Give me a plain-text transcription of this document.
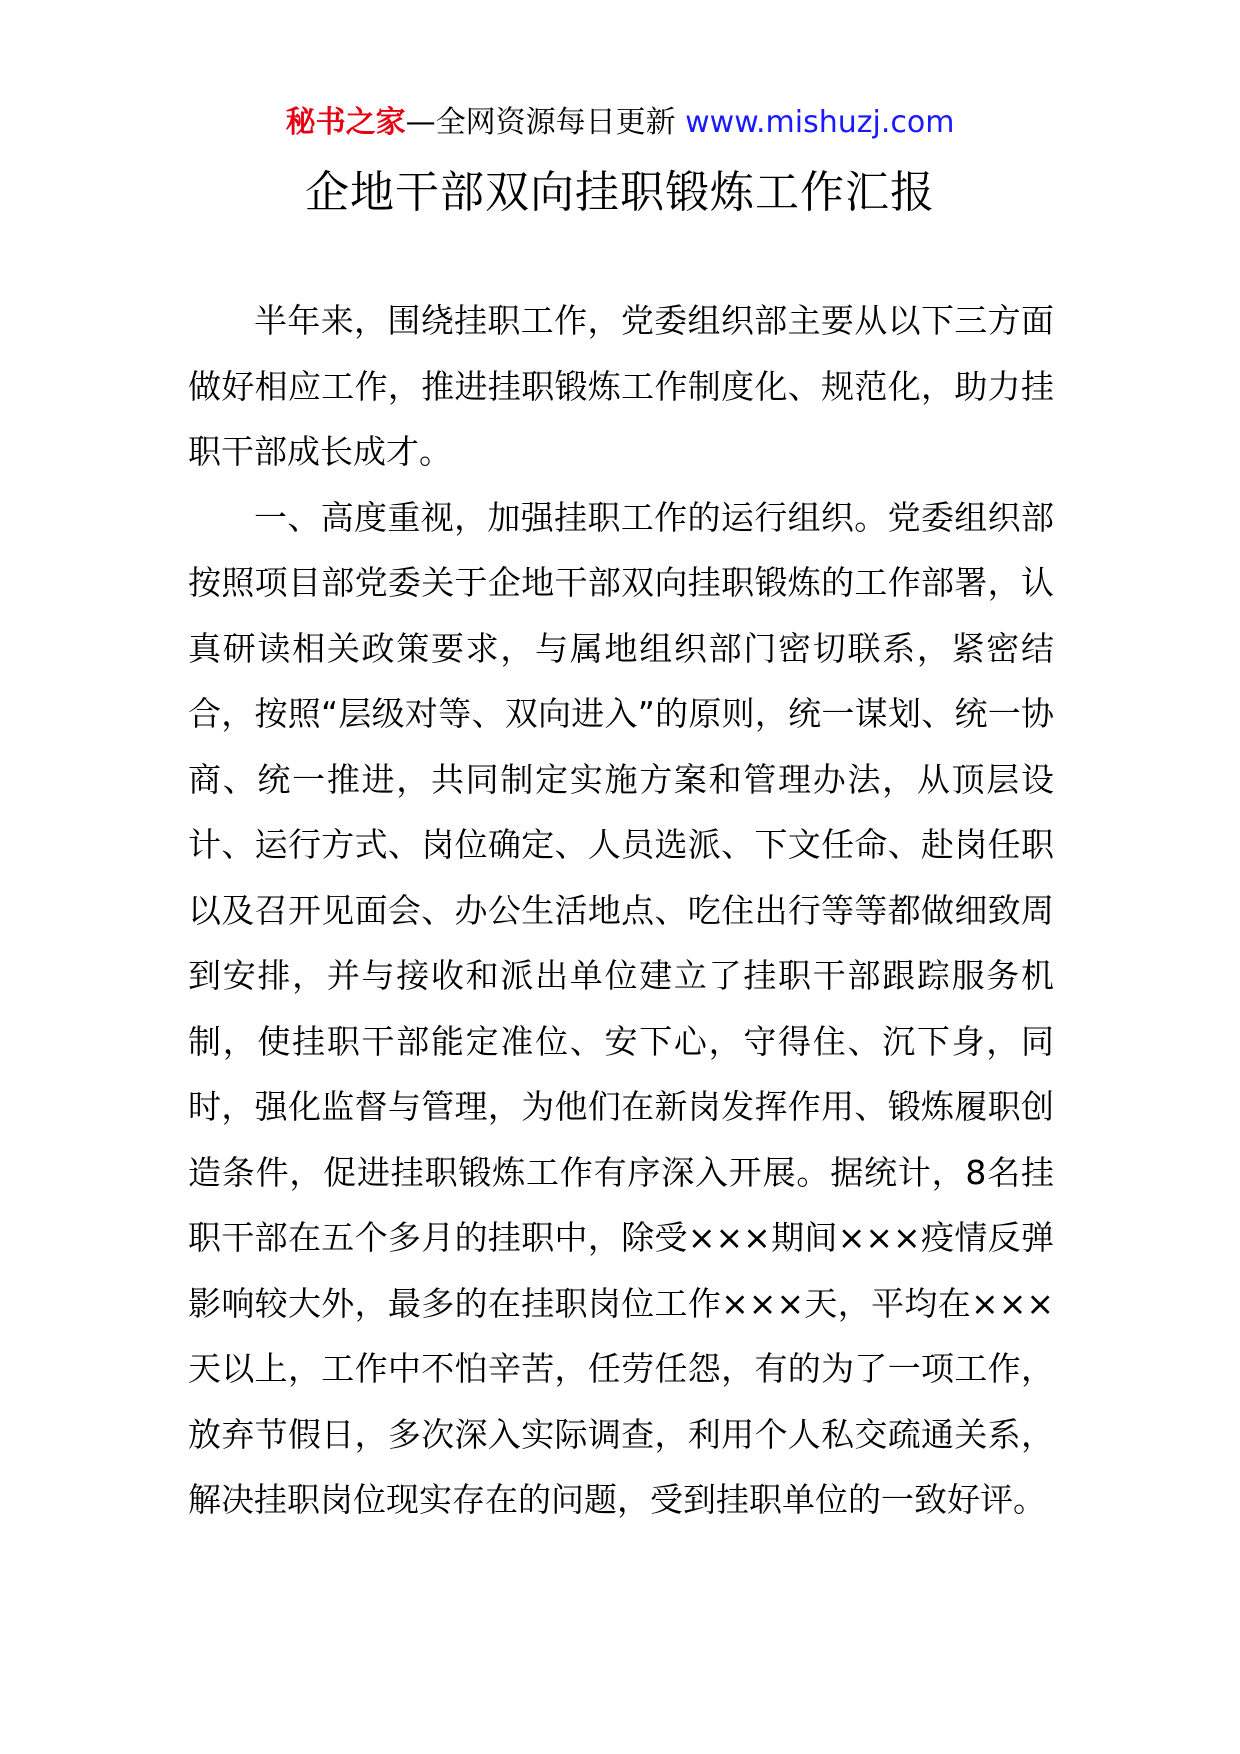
秘书之家—全网资源每日更新 www.mishuzj.com
企地干部双向挂职锻炼工作汇报

半年来，围绕挂职工作，党委组织部主要从以下三方面做好相应工作，推进挂职锻炼工作制度化、规范化，助力挂职干部成长成才。

一、高度重视，加强挂职工作的运行组织。党委组织部按照项目部党委关于企地干部双向挂职锻炼的工作部署，认真研读相关政策要求，与属地组织部门密切联系，紧密结合，按照“层级对等、双向进入”的原则，统一谋划、统一协商、统一推进，共同制定实施方案和管理办法，从顶层设计、运行方式、岗位确定、人员选派、下文任命、赴岗任职以及召开见面会、办公生活地点、吃住出行等等都做细致周到安排，并与接收和派出单位建立了挂职干部跟踪服务机制，使挂职干部能定准位、安下心，守得住、沉下身，同时，强化监督与管理，为他们在新岗发挥作用、锻炼履职创造条件，促进挂职锻炼工作有序深入开展。据统计，8名挂职干部在五个多月的挂职中，除受×××期间×××疫情反弹影响较大外，最多的在挂职岗位工作×××天，平均在×××天以上，工作中不怕辛苦，任劳任怨，有的为了一项工作，放弃节假日，多次深入实际调查，利用个人私交疏通关系，解决挂职岗位现实存在的问题，受到挂职单位的一致好评。
